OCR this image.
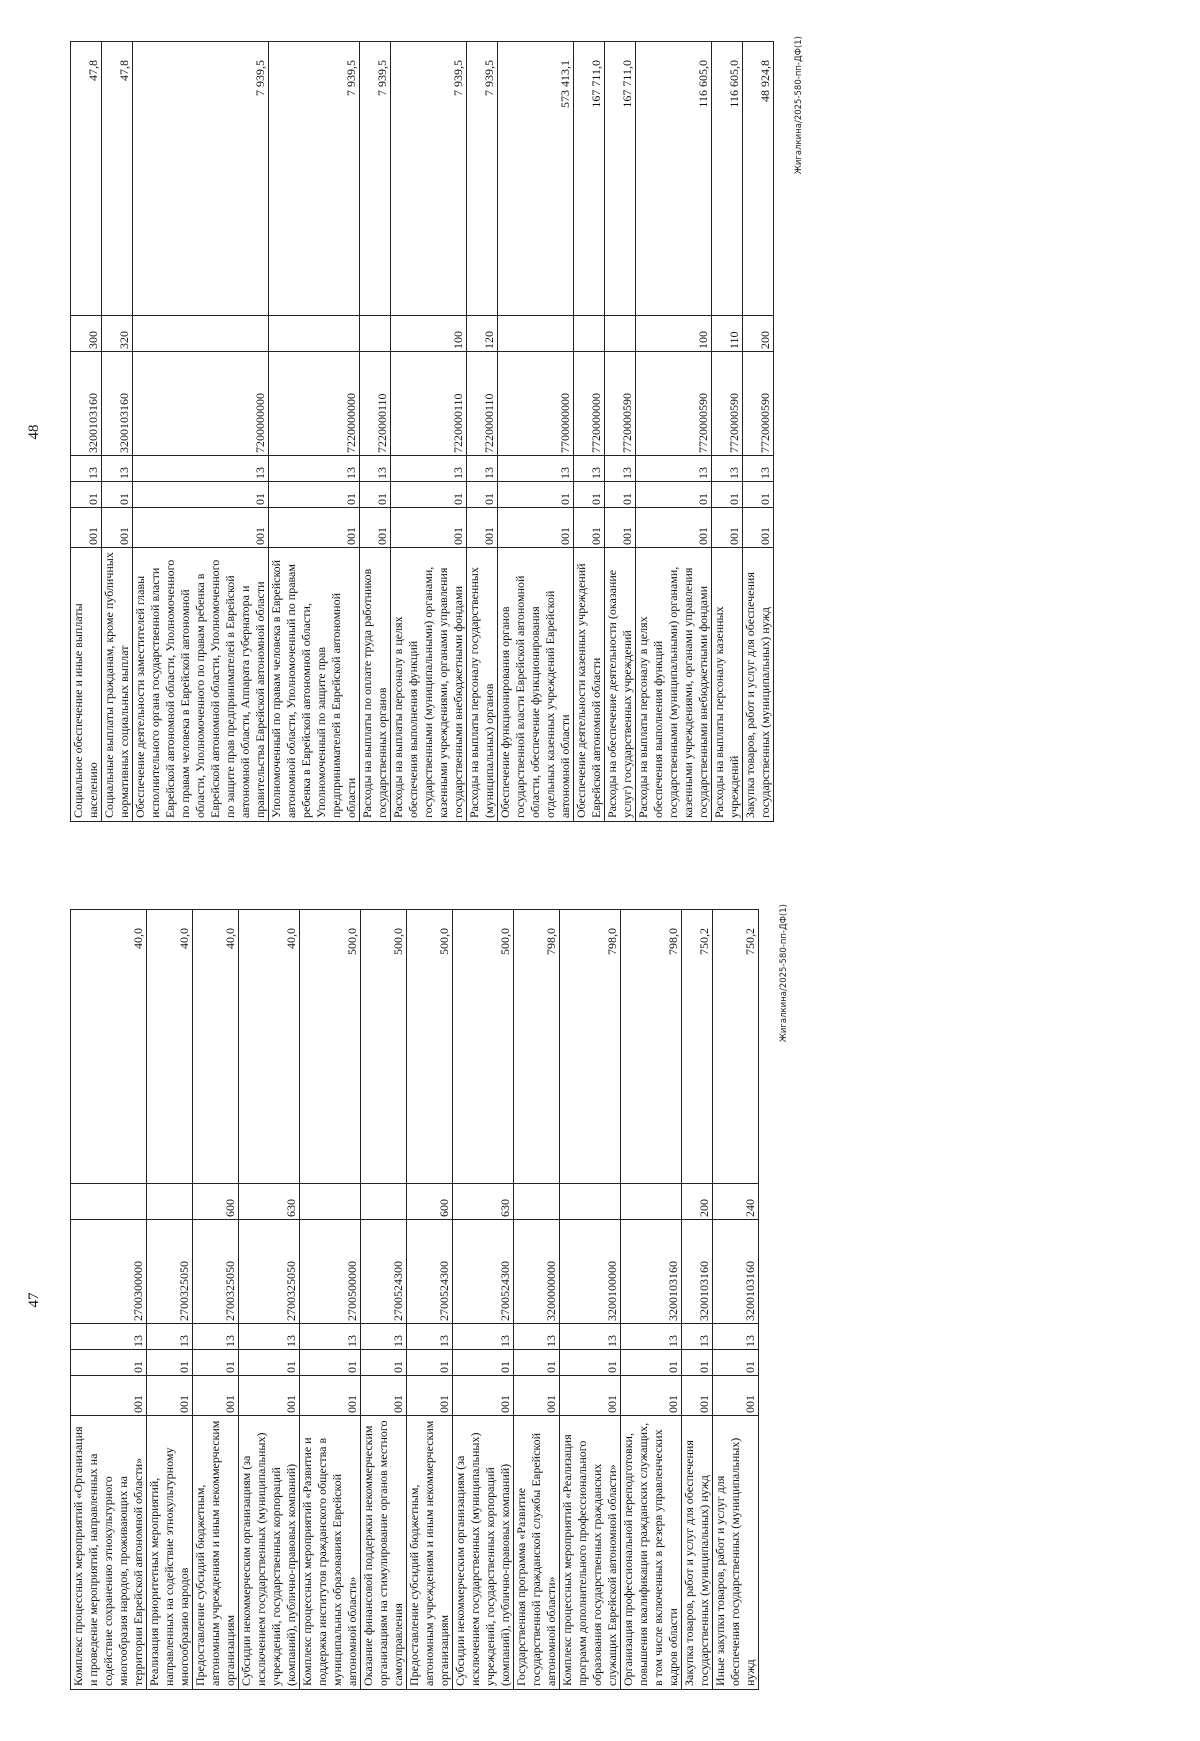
47
Комплекс процессных мероприятий «Организация и проведение мероприятий, направленных на содействие сохранению этнокультурного многообразия народов, проживающих на территории Еврейской автономной области»	001	01	13	2700300000		40,0
Реализация приоритетных мероприятий, направленных на содействие этнокультурному многообразию народов	001	01	13	2700325050		40,0
Предоставление субсидий бюджетным, автономным учреждениям и иным некоммерческим организациям	001	01	13	2700325050	600	40,0
Субсидии некоммерческим организациям (за исключением государственных (муниципальных) учреждений, государственных корпораций (компаний), публично-правовых компаний)	001	01	13	2700325050	630	40,0
Комплекс процессных мероприятий «Развитие и поддержка институтов гражданского общества в муниципальных образованиях Еврейской автономной области»	001	01	13	2700500000		500,0
Оказание финансовой поддержки некоммерческим организациям на стимулирование органов местного самоуправления	001	01	13	2700524300		500,0
Предоставление субсидий бюджетным, автономным учреждениям и иным некоммерческим организациям	001	01	13	2700524300	600	500,0
Субсидии некоммерческим организациям (за исключением государственных (муниципальных) учреждений, государственных корпораций (компаний), публично-правовых компаний)	001	01	13	2700524300	630	500,0
Государственная программа «Развитие государственной гражданской службы Еврейской автономной области»	001	01	13	3200000000		798,0
Комплекс процессных мероприятий «Реализация программ дополнительного профессионального образования государственных гражданских служащих Еврейской автономной области»	001	01	13	3200100000		798,0
Организация профессиональной переподготовки, повышения квалификации гражданских служащих, в том числе включенных в резерв управленческих кадров области	001	01	13	3200103160		798,0
Закупка товаров, работ и услуг для обеспечения государственных (муниципальных) нужд	001	01	13	3200103160	200	750,2
Иные закупки товаров, работ и услуг для обеспечения государственных (муниципальных) нужд	001	01	13	3200103160	240	750,2	Жигалкина/2025-580-пп-ДФ(1)
48
Социальное обеспечение и иные выплаты населению	001	01	13	3200103160	300	47,8
Социальные выплаты гражданам, кроме публичных нормативных социальных выплат	001	01	13	3200103160	320	47,8
Обеспечение деятельности заместителей главы исполнительного органа государственной власти Еврейской автономной области, Уполномоченного по правам человека в Еврейской автономной области, Уполномоченного по правам ребенка в Еврейской автономной области, Уполномоченного по защите прав предпринимателей в Еврейской автономной области, Аппарата губернатора и правительства Еврейской автономной области	001	01	13	7200000000		7 939,5
Уполномоченный по правам человека в Еврейской автономной области, Уполномоченный по правам ребенка в Еврейской автономной области, Уполномоченный по защите прав предпринимателей в Еврейской автономной области	001	01	13	7220000000		7 939,5
Расходы на выплаты по оплате труда работников государственных органов	001	01	13	7220000110		7 939,5
Расходы на выплаты персоналу в целях обеспечения выполнения функций государственными (муниципальными) органами, казенными учреждениями, органами управления государственными внебюджетными фондами	001	01	13	7220000110	100	7 939,5
Расходы на выплаты персоналу государственных (муниципальных) органов	001	01	13	7220000110	120	7 939,5
Обеспечение функционирования органов государственной власти Еврейской автономной области, обеспечение функционирования отдельных казенных учреждений Еврейской автономной области	001	01	13	7700000000		573 413,1
Обеспечение деятельности казенных учреждений Еврейской автономной области	001	01	13	7720000000		167 711,0
Расходы на обеспечение деятельности (оказание услуг) государственных учреждений	001	01	13	7720000590		167 711,0
Расходы на выплаты персоналу в целях обеспечения выполнения функций государственными (муниципальными) органами, казенными учреждениями, органами управления государственными внебюджетными фондами	001	01	13	7720000590	100	116 605,0
Расходы на выплаты персоналу казенных учреждений	001	01	13	7720000590	110	116 605,0
Закупка товаров, работ и услуг для обеспечения государственных (муниципальных) нужд	001	01	13	7720000590	200	48 924,8	Жигалкина/2025-580-пп-ДФ(1)
